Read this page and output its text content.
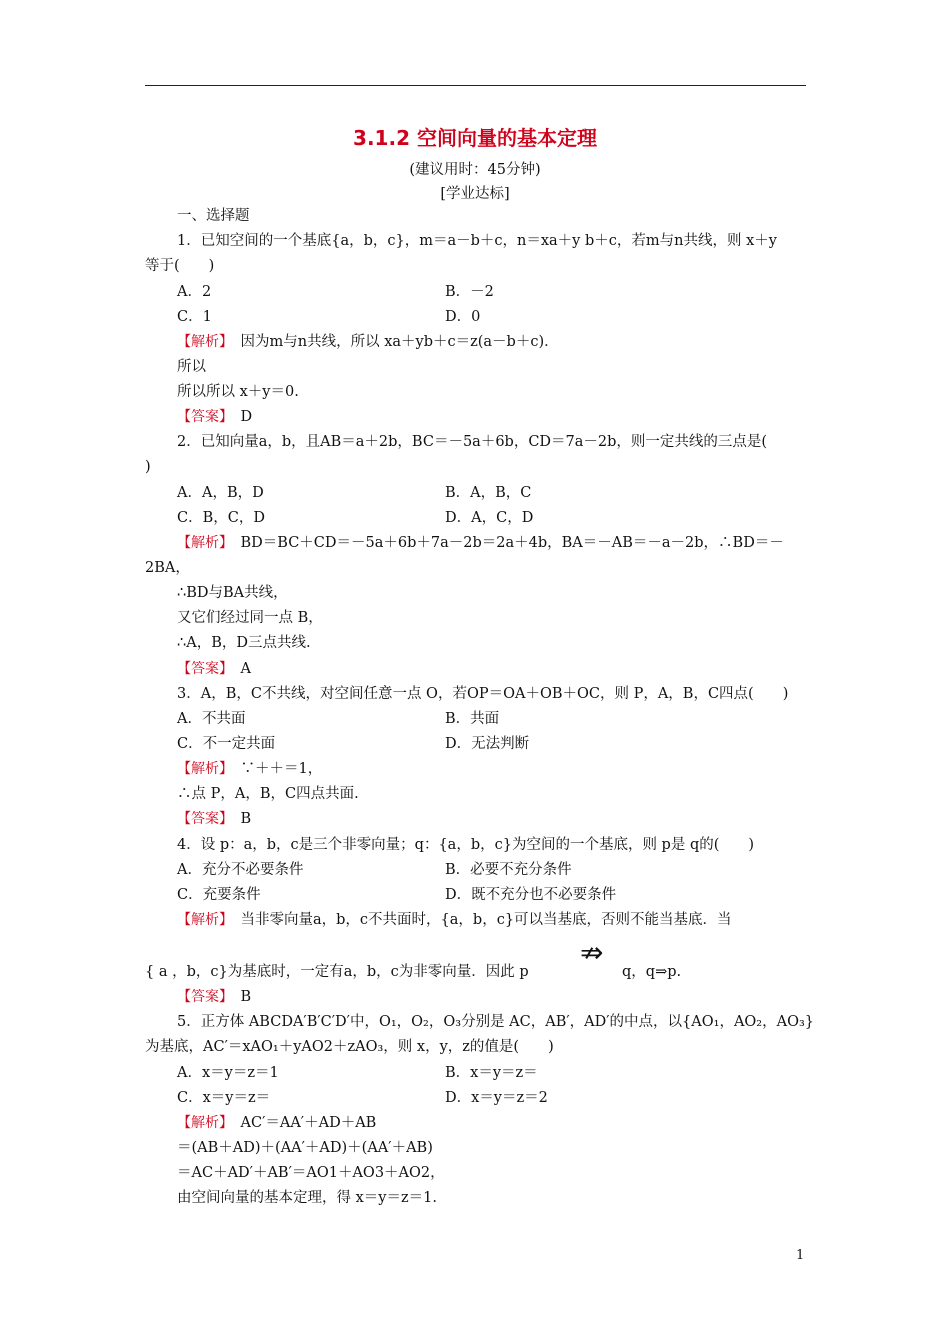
3.1.2 空间向量的基本定理
(建议用时：45分钟)
[学业达标]
一、选择题
1．已知空间的一个基底{a，b，c}，m＝a－b＋c，n＝xa＋y b＋c，若m与n共线，则 x＋y
等于(　　)
A．2	B．－2
C．1	D．0
【解析】　因为m与n共线，所以 xa＋yb＋c＝z(a－b＋c)．
所以
所以所以 x＋y＝0.
【答案】　D
2．已知向量a，b，且AB＝a＋2b，BC＝－5a＋6b，CD＝7a－2b，则一定共线的三点是(
)
A．A，B，D	B．A，B，C
C．B，C，D	D．A，C，D
【解析】　BD＝BC＋CD＝－5a＋6b＋7a－2b＝2a＋4b，BA＝－AB＝－a－2b，∴BD＝－
2BA，
∴BD与BA共线，
又它们经过同一点 B，
∴A，B，D三点共线.
【答案】　A
3．A，B，C不共线，对空间任意一点 O，若OP＝OA＋OB＋OC，则 P，A，B，C四点(　　)
A．不共面	B．共面
C．不一定共面	D．无法判断
【解析】　∵＋＋＝1，
∴点 P，A，B，C四点共面.
【答案】　B
4．设 p：a，b，c是三个非零向量；q：{a，b，c}为空间的一个基底，则 p是 q的(　　)
A．充分不必要条件	B．必要不充分条件
C．充要条件	D．既不充分也不必要条件
【解析】　当非零向量a，b，c不共面时，{a，b，c}可以当基底，否则不能当基底．当
{ a ，b，c}为基底时，一定有a，b，c为非零向量．因此 p	q，q⇒p.
【答案】　B
5．正方体 ABCDA′B′C′D′中，O₁，O₂，O₃分别是 AC，AB′，AD′的中点，以{AO₁，AO₂，AO₃}
为基底，AC′＝xAO₁＋yAO2＋zAO₃，则 x，y，z的值是(　　)
A．x＝y＝z＝1	B．x＝y＝z＝
C．x＝y＝z＝	D．x＝y＝z＝2
【解析】　AC′＝AA′＋AD＋AB
＝(AB＋AD)＋(AA′＋AD)＋(AA′＋AB)
＝AC＋AD′＋AB′＝AO1＋AO3＋AO2，
由空间向量的基本定理，得 x＝y＝z＝1.
⇏
1
